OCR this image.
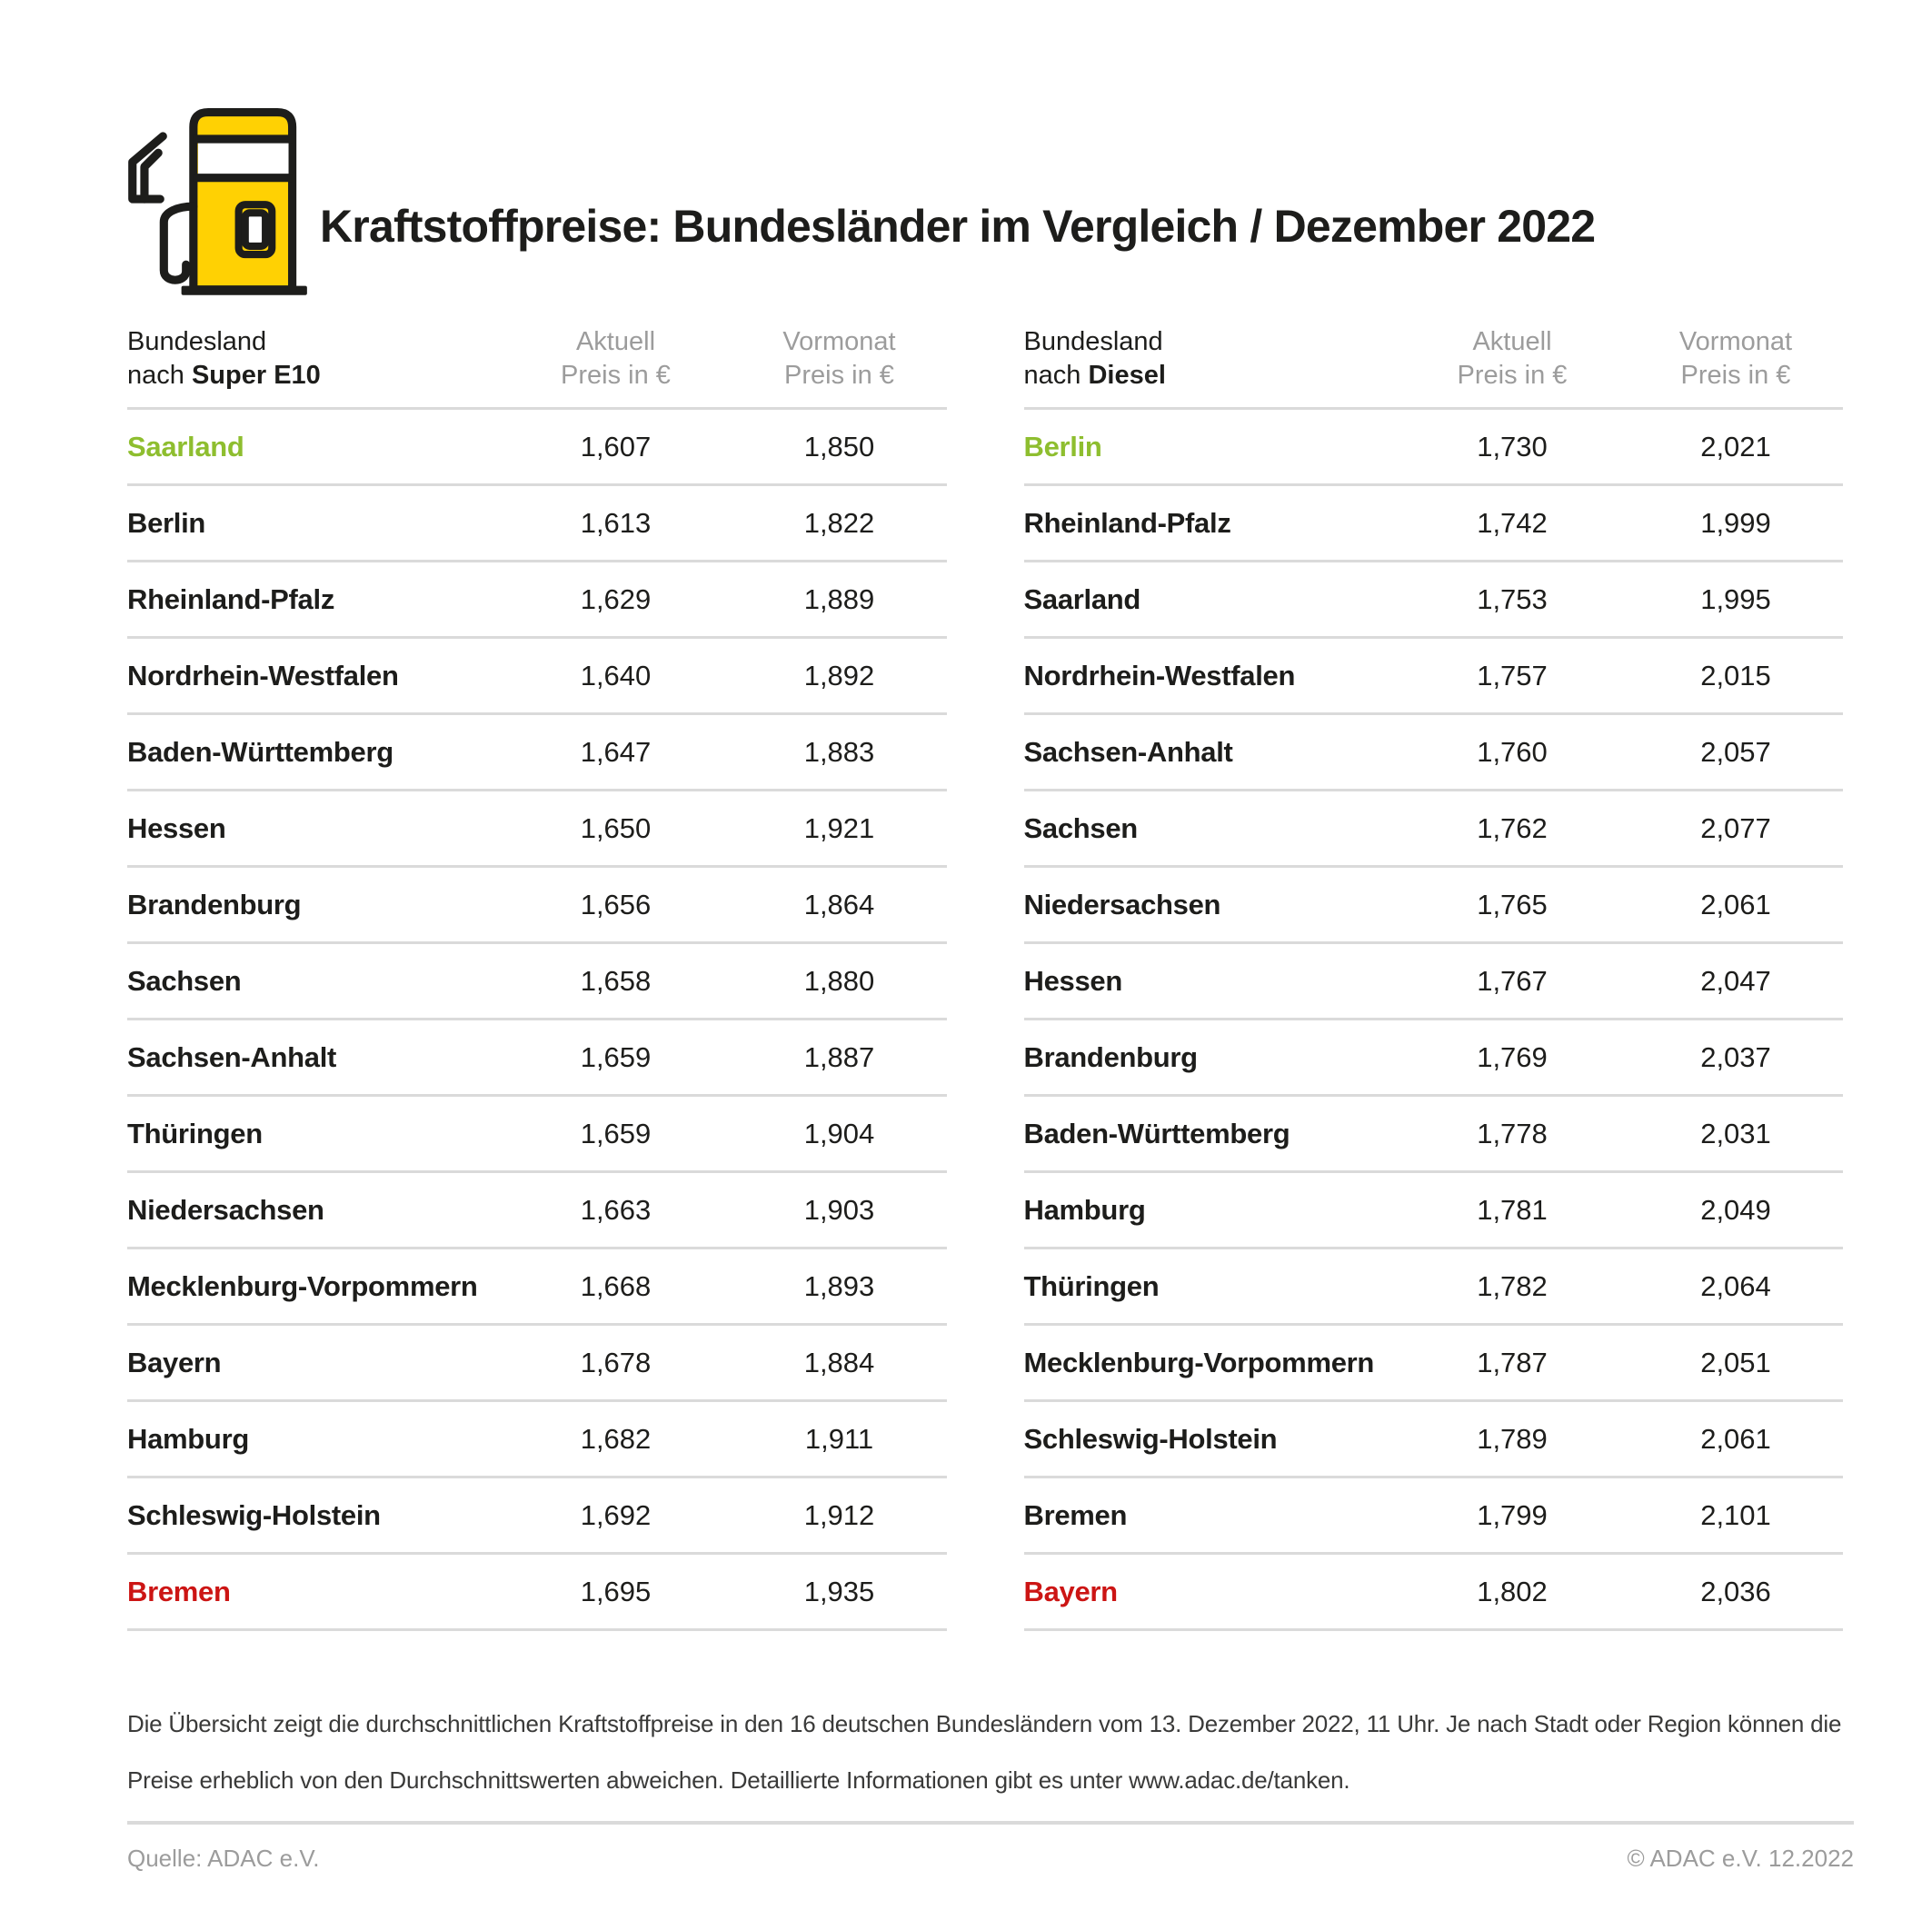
Kraftstoffpreise: Bundesländer im Vergleich / Dezember 2022
Bundesland
nach Super E10
Aktuell
Preis in €
Vormonat
Preis in €
Saarland	1,607	1,850
Berlin	1,613	1,822
Rheinland-Pfalz	1,629	1,889
Nordrhein-Westfalen	1,640	1,892
Baden-Württemberg	1,647	1,883
Hessen	1,650	1,921
Brandenburg	1,656	1,864
Sachsen	1,658	1,880
Sachsen-Anhalt	1,659	1,887
Thüringen	1,659	1,904
Niedersachsen	1,663	1,903
Mecklenburg-Vorpommern	1,668	1,893
Bayern	1,678	1,884
Hamburg	1,682	1,911
Schleswig-Holstein	1,692	1,912
Bremen	1,695	1,935
Bundesland
nach Diesel
Aktuell
Preis in €
Vormonat
Preis in €
Berlin	1,730	2,021
Rheinland-Pfalz	1,742	1,999
Saarland	1,753	1,995
Nordrhein-Westfalen	1,757	2,015
Sachsen-Anhalt	1,760	2,057
Sachsen	1,762	2,077
Niedersachsen	1,765	2,061
Hessen	1,767	2,047
Brandenburg	1,769	2,037
Baden-Württemberg	1,778	2,031
Hamburg	1,781	2,049
Thüringen	1,782	2,064
Mecklenburg-Vorpommern	1,787	2,051
Schleswig-Holstein	1,789	2,061
Bremen	1,799	2,101
Bayern	1,802	2,036
Die Übersicht zeigt die durchschnittlichen Kraftstoffpreise in den 16 deutschen Bundesländern vom 13. Dezember 2022, 11 Uhr. Je nach Stadt oder Region können die
Preise erheblich von den Durchschnittswerten abweichen. Detaillierte Informationen gibt es unter www.adac.de/tanken.
Quelle: ADAC e.V.	© ADAC e.V. 12.2022
